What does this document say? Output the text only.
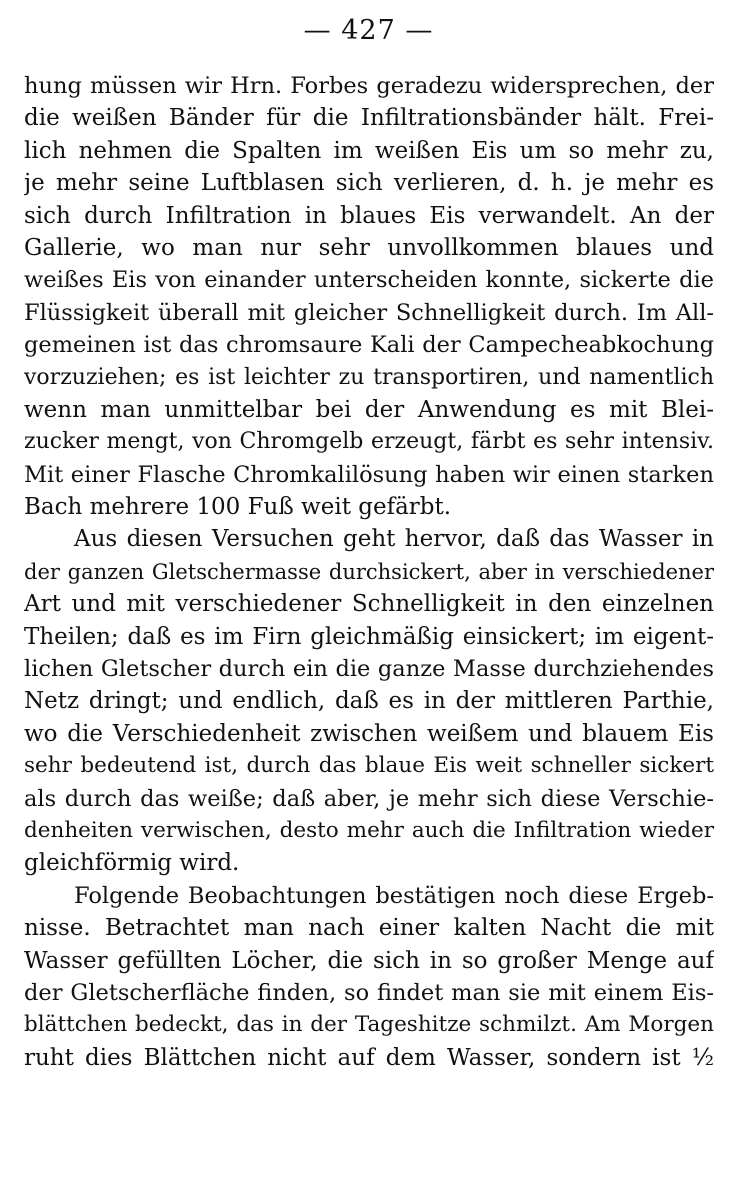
— 427 —
hung müssen wir Hrn. Forbes geradezu widersprechen, der
die weißen Bänder für die Infiltrationsbänder hält. Frei-
lich nehmen die Spalten im weißen Eis um so mehr zu,
je mehr seine Luftblasen sich verlieren, d. h. je mehr es
sich durch Infiltration in blaues Eis verwandelt. An der
Gallerie, wo man nur sehr unvollkommen blaues und
weißes Eis von einander unterscheiden konnte, sickerte die
Flüssigkeit überall mit gleicher Schnelligkeit durch. Im All-
gemeinen ist das chromsaure Kali der Campecheabkochung
vorzuziehen; es ist leichter zu transportiren, und namentlich
wenn man unmittelbar bei der Anwendung es mit Blei-
zucker mengt, von Chromgelb erzeugt, färbt es sehr intensiv.
Mit einer Flasche Chromkalilösung haben wir einen starken
Bach mehrere 100 Fuß weit gefärbt.
Aus diesen Versuchen geht hervor, daß das Wasser in
der ganzen Gletschermasse durchsickert, aber in verschiedener
Art und mit verschiedener Schnelligkeit in den einzelnen
Theilen; daß es im Firn gleichmäßig einsickert; im eigent-
lichen Gletscher durch ein die ganze Masse durchziehendes
Netz dringt; und endlich, daß es in der mittleren Parthie,
wo die Verschiedenheit zwischen weißem und blauem Eis
sehr bedeutend ist, durch das blaue Eis weit schneller sickert
als durch das weiße; daß aber, je mehr sich diese Verschie-
denheiten verwischen, desto mehr auch die Infiltration wieder
gleichförmig wird.
Folgende Beobachtungen bestätigen noch diese Ergeb-
nisse. Betrachtet man nach einer kalten Nacht die mit
Wasser gefüllten Löcher, die sich in so großer Menge auf
der Gletscherfläche finden, so findet man sie mit einem Eis-
blättchen bedeckt, das in der Tageshitze schmilzt. Am Morgen
ruht dies Blättchen nicht auf dem Wasser, sondern ist ½
